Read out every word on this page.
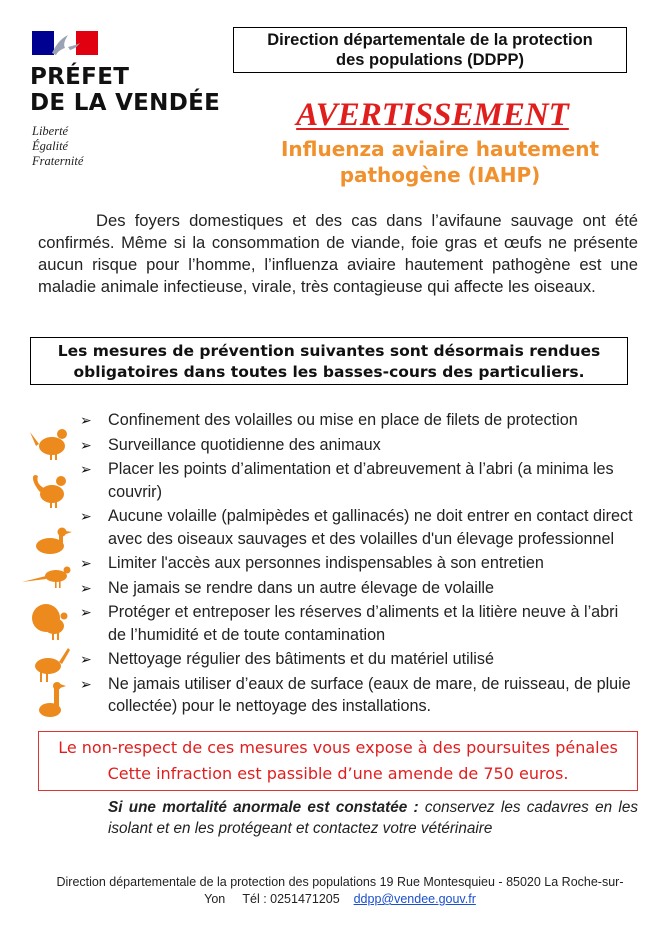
PRÉFET
DE LA VENDÉE
Liberté
Égalité
Fraternité
Direction départementale de la protection
des populations (DDPP)
AVERTISSEMENT
Influenza aviaire hautement
pathogène (IAHP)
Des foyers domestiques et des cas dans l’avifaune sauvage ont été confirmés. Même si la consommation de viande, foie gras et œufs ne présente aucun risque pour l’homme, l’influenza aviaire hautement pathogène est une maladie animale infectieuse, virale, très contagieuse qui affecte les oiseaux.
Les mesures de prévention suivantes sont désormais rendues
obligatoires dans toutes les basses-cours des particuliers.
➢ Confinement des volailles ou mise en place de filets de protection
➢ Surveillance quotidienne des animaux
➢ Placer les points d’alimentation et d’abreuvement à l’abri (a minima les couvrir)
➢ Aucune volaille (palmipèdes et gallinacés) ne doit entrer en contact direct avec des oiseaux sauvages et des volailles d'un élevage professionnel
➢ Limiter l'accès aux personnes indispensables à son entretien
➢ Ne jamais se rendre dans un autre élevage de volaille
➢ Protéger et entreposer les réserves d’aliments et la litière neuve à l’abri de l’humidité et de toute contamination
➢ Nettoyage régulier des bâtiments et du matériel utilisé
➢ Ne jamais utiliser d’eaux de surface (eaux de mare, de ruisseau, de pluie collectée) pour le nettoyage des installations.
Le non-respect de ces mesures vous expose à des poursuites pénales
Cette infraction est passible d’une amende de 750 euros.
Si une mortalité anormale est constatée : conservez les cadavres en les isolant et en les protégeant et contactez votre vétérinaire
Direction départementale de la protection des populations 19 Rue Montesquieu - 85020 La Roche-sur-Yon Tél : 0251471205 ddpp@vendee.gouv.fr
